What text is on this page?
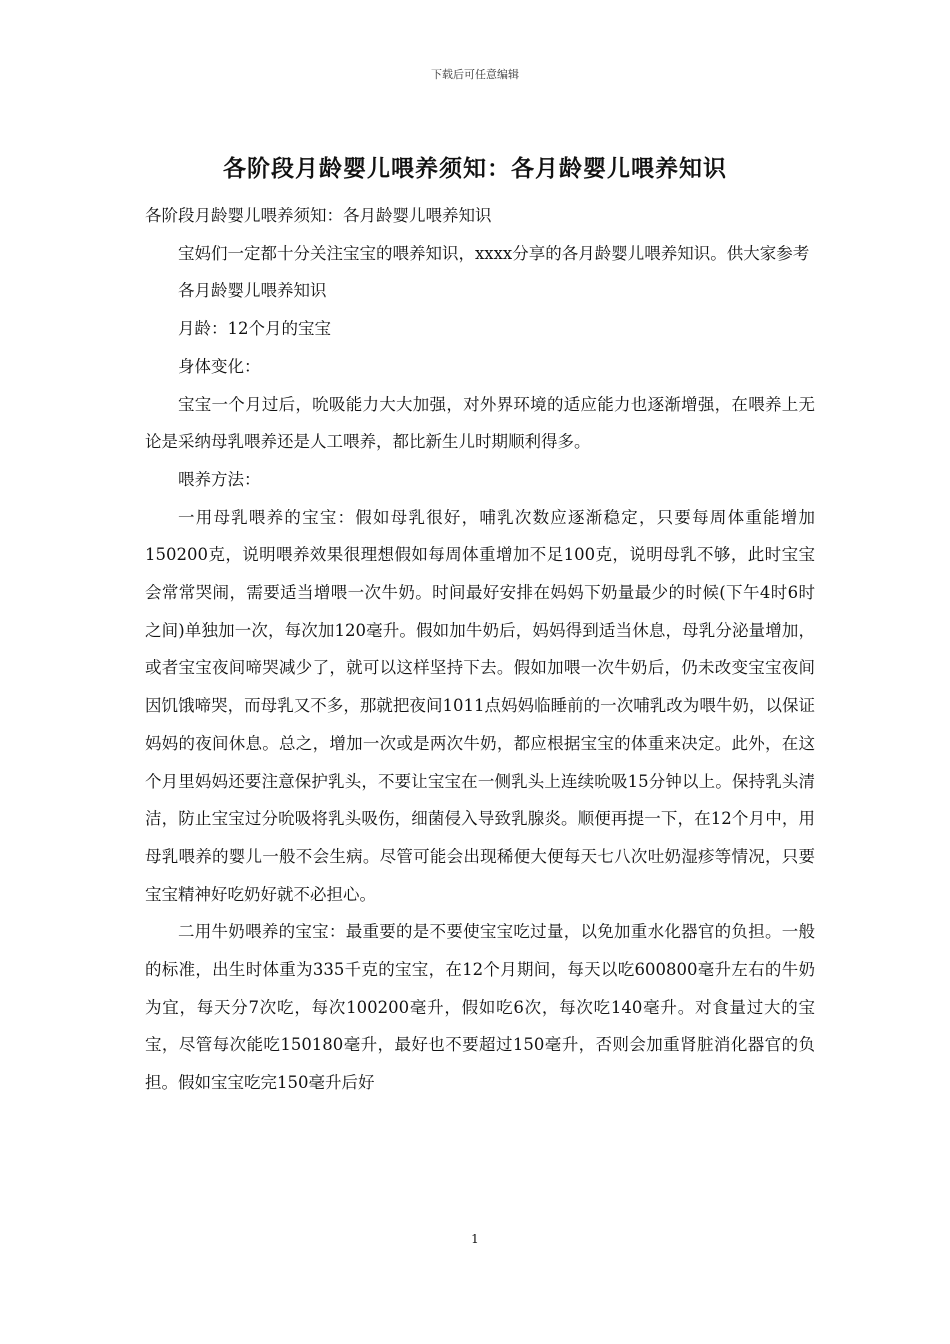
下载后可任意编辑
各阶段月龄婴儿喂养须知：各月龄婴儿喂养知识

各阶段月龄婴儿喂养须知：各月龄婴儿喂养知识

宝妈们一定都十分关注宝宝的喂养知识，xxxx分享的各月龄婴儿喂养知识。供大家参考

各月龄婴儿喂养知识

月龄：12个月的宝宝

身体变化：

宝宝一个月过后，吮吸能力大大加强，对外界环境的适应能力也逐渐增强，在喂养上无论是采纳母乳喂养还是人工喂养，都比新生儿时期顺利得多。

喂养方法：

一用母乳喂养的宝宝：假如母乳很好，哺乳次数应逐渐稳定，只要每周体重能增加150200克，说明喂养效果很理想假如每周体重增加不足100克，说明母乳不够，此时宝宝会常常哭闹，需要适当增喂一次牛奶。时间最好安排在妈妈下奶量最少的时候(下午4时6时之间)单独加一次，每次加120毫升。假如加牛奶后，妈妈得到适当休息，母乳分泌量增加，或者宝宝夜间啼哭减少了，就可以这样坚持下去。假如加喂一次牛奶后，仍未改变宝宝夜间因饥饿啼哭，而母乳又不多，那就把夜间1011点妈妈临睡前的一次哺乳改为喂牛奶，以保证妈妈的夜间休息。总之，增加一次或是两次牛奶，都应根据宝宝的体重来决定。此外，在这个月里妈妈还要注意保护乳头，不要让宝宝在一侧乳头上连续吮吸15分钟以上。保持乳头清洁，防止宝宝过分吮吸将乳头吸伤，细菌侵入导致乳腺炎。顺便再提一下，在12个月中，用母乳喂养的婴儿一般不会生病。尽管可能会出现稀便大便每天七八次吐奶湿疹等情况，只要宝宝精神好吃奶好就不必担心。

二用牛奶喂养的宝宝：最重要的是不要使宝宝吃过量，以免加重水化器官的负担。一般的标准，出生时体重为335千克的宝宝，在12个月期间，每天以吃600800毫升左右的牛奶为宜，每天分7次吃，每次100200毫升，假如吃6次，每次吃140毫升。对食量过大的宝宝，尽管每次能吃150180毫升，最好也不要超过150毫升，否则会加重肾脏消化器官的负担。假如宝宝吃完150毫升后好

1
